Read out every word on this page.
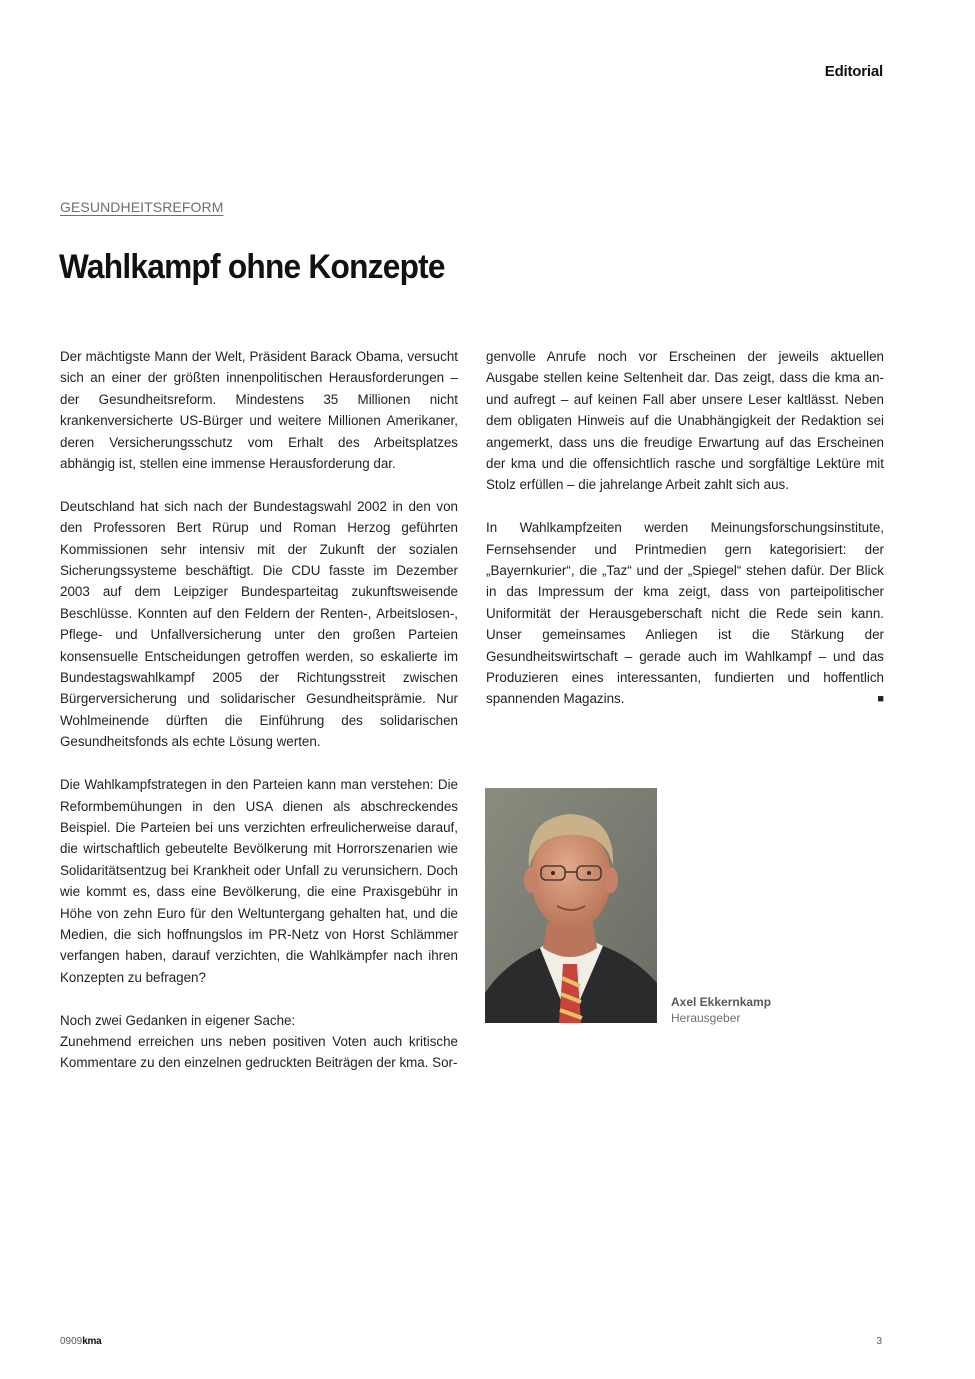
Editorial
GESUNDHEITSREFORM
Wahlkampf ohne Konzepte

Der mächtigste Mann der Welt, Präsident Barack Obama, versucht sich an einer der größten innenpolitischen Herausforderungen – der Gesundheitsreform. Mindestens 35 Millionen nicht krankenversicherte US-Bürger und weitere Millionen Amerikaner, deren Versicherungsschutz vom Erhalt des Arbeitsplatzes abhängig ist, stellen eine immense Herausforderung dar.

Deutschland hat sich nach der Bundestagswahl 2002 in den von den Professoren Bert Rürup und Roman Herzog geführten Kommissionen sehr intensiv mit der Zukunft der sozialen Sicherungssysteme beschäftigt. Die CDU fasste im Dezember 2003 auf dem Leipziger Bundesparteitag zukunftsweisende Beschlüsse. Konnten auf den Feldern der Renten-, Arbeitslosen-, Pflege- und Unfallversicherung unter den großen Parteien konsensuelle Entscheidungen getroffen werden, so eskalierte im Bundestagswahlkampf 2005 der Richtungsstreit zwischen Bürgerversicherung und solidarischer Gesundheitsprämie. Nur Wohlmeinende dürften die Einführung des solidarischen Gesundheitsfonds als echte Lösung werten.

Die Wahlkampfstrategen in den Parteien kann man verstehen: Die Reformbemühungen in den USA dienen als abschreckendes Beispiel. Die Parteien bei uns verzichten erfreulicherweise darauf, die wirtschaftlich gebeutelte Bevölkerung mit Horrorszenarien wie Solidaritätsentzug bei Krankheit oder Unfall zu verunsichern. Doch wie kommt es, dass eine Bevölkerung, die eine Praxisgebühr in Höhe von zehn Euro für den Weltuntergang gehalten hat, und die Medien, die sich hoffnungslos im PR-Netz von Horst Schlämmer verfangen haben, darauf verzichten, die Wahlkämpfer nach ihren Konzepten zu befragen?

Noch zwei Gedanken in eigener Sache:

Zunehmend erreichen uns neben positiven Voten auch kritische Kommentare zu den einzelnen gedruckten Beiträgen der kma. Sor-

genvolle Anrufe noch vor Erscheinen der jeweils aktuellen Ausgabe stellen keine Seltenheit dar. Das zeigt, dass die kma an- und aufregt – auf keinen Fall aber unsere Leser kaltlässt. Neben dem obligaten Hinweis auf die Unabhängigkeit der Redaktion sei angemerkt, dass uns die freudige Erwartung auf das Erscheinen der kma und die offensichtlich rasche und sorgfältige Lektüre mit Stolz erfüllen – die jahrelange Arbeit zahlt sich aus.

In Wahlkampfzeiten werden Meinungsforschungsinstitute, Fernsehsender und Printmedien gern kategorisiert: der „Bayernkurier“, die „Taz“ und der „Spiegel“ stehen dafür. Der Blick in das Impressum der kma zeigt, dass von parteipolitischer Uniformität der Herausgeberschaft nicht die Rede sein kann. Unser gemeinsames Anliegen ist die Stärkung der Gesundheitswirtschaft – gerade auch im Wahlkampf – und das Produzieren eines interessanten, fundierten und hoffentlich spannenden Magazins.	■
Axel Ekkernkamp
Herausgeber
0909kma	3
